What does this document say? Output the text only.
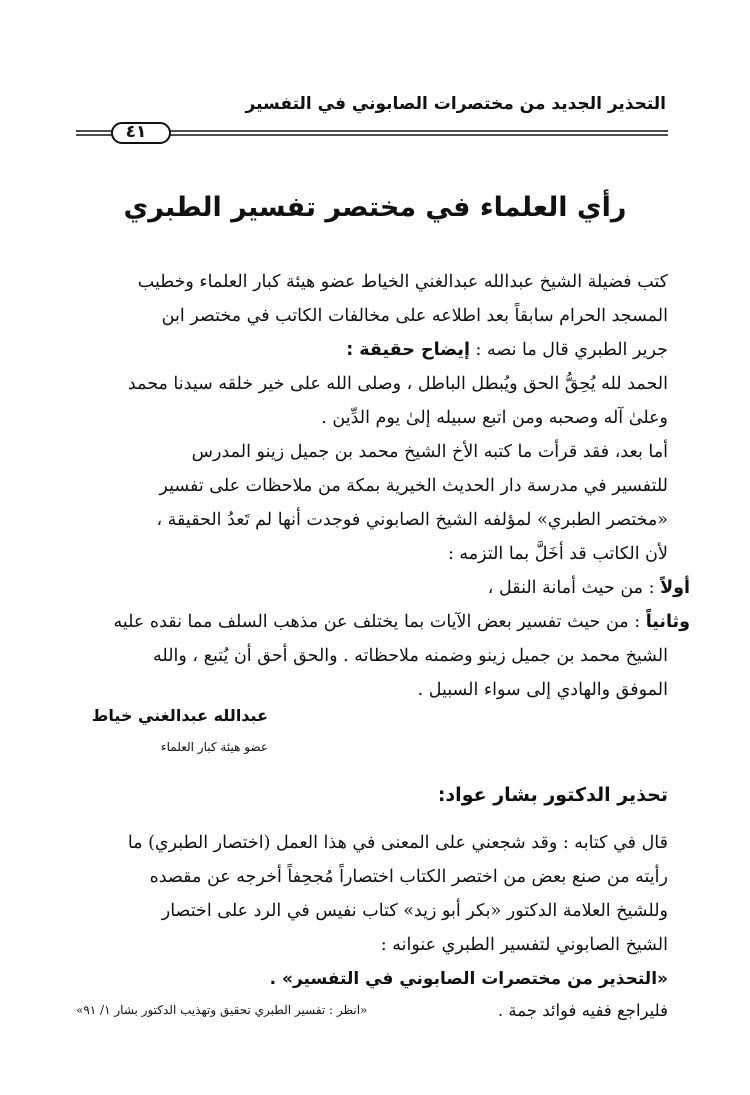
التحذير الجديد من مختصرات الصابوني في التفسير
٤١
رأي العلماء في مختصر تفسير الطبري
كتب فضيلة الشيخ عبدالله عبدالغني الخياط عضو هيئة كبار العلماء وخطيب
المسجد الحرام سابقاً بعد اطلاعه على مخالفات الكاتب في مختصر ابن
جرير الطبري قال ما نصه : إيضاح حقيقة :
الحمد لله يُحِقُّ الحق ويُبطل الباطل ، وصلى الله على خير خلقه سيدنا محمد
وعلىٰ آله وصحبه ومن اتبع سبيله إلىٰ يوم الدِّين .
أما بعد، فقد قرأت ما كتبه الأخ الشيخ محمد بن جميل زينو المدرس
للتفسير في مدرسة دار الحديث الخيرية بمكة من ملاحظات على تفسير
«مختصر الطبري» لمؤلفه الشيخ الصابوني فوجدت أنها لم تَعدُ الحقيقة ،
لأن الكاتب قد أخَلَّ بما التزمه :
أولاً : من حيث أمانة النقل ،
وثانياً : من حيث تفسير بعض الآيات بما يختلف عن مذهب السلف مما نقده عليه
الشيخ محمد بن جميل زينو وضمنه ملاحظاته . والحق أحق أن يُتبع ، والله
الموفق والهادي إلى سواء السبيل .
عبدالله عبدالغني خياط
عضو هيئة كبار العلماء
تحذير الدكتور بشار عواد:
قال في كتابه : وقد شجعني على المعنى في هذا العمل (اختصار الطبري) ما
رأيته من صنع بعض من اختصر الكتاب اختصاراً مُجحِفاً أخرجه عن مقصده
وللشيخ العلامة الدكتور «بكر أبو زيد» كتاب نفيس في الرد على اختصار
الشيخ الصابوني لتفسير الطبري عنوانه :
«التحذير من مختصرات الصابوني في التفسير» .
فليراجع ففيه فوائد جمة .
«انظر : تفسير الطبري تحقيق وتهذيب الدكتور بشار ١/ ٩١»
